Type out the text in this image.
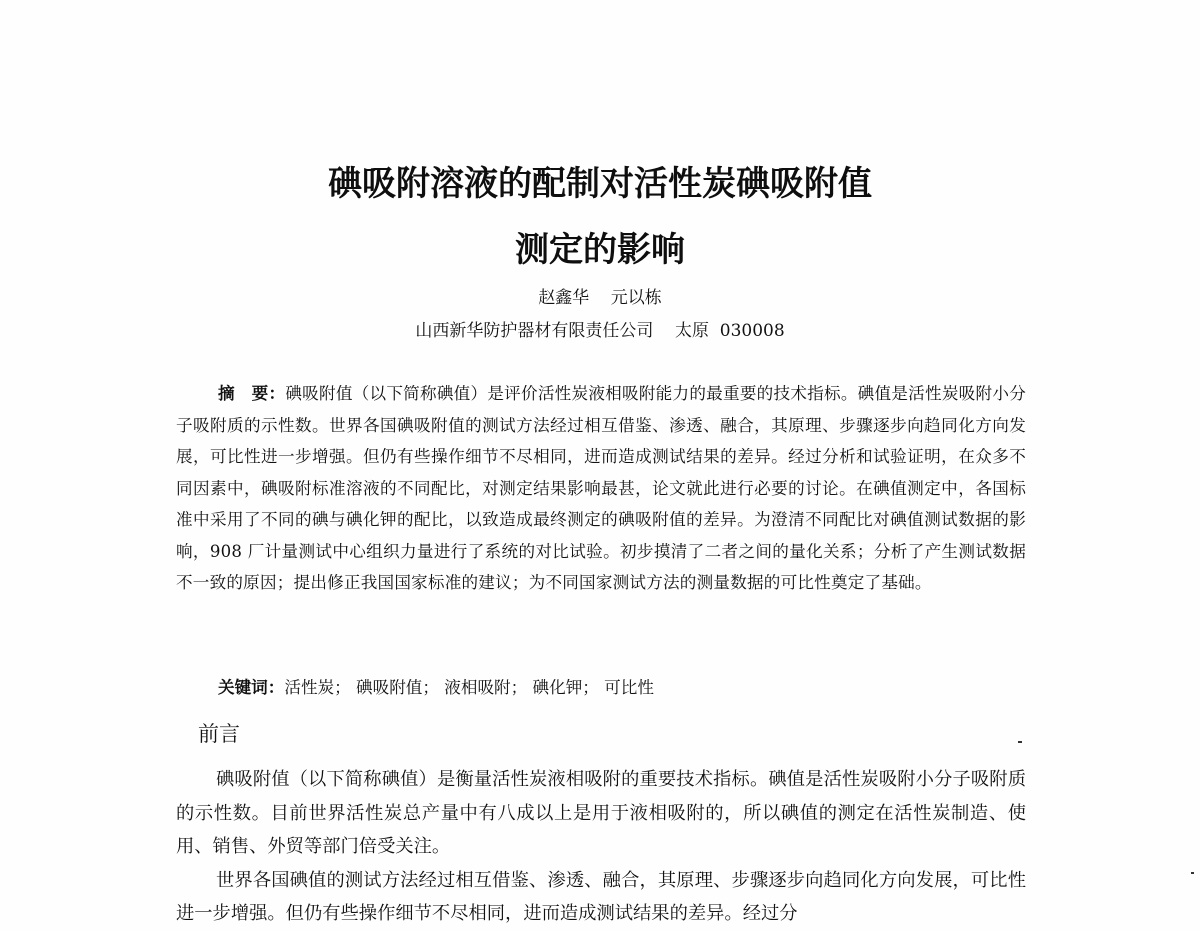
碘吸附溶液的配制对活性炭碘吸附值
测定的影响
赵鑫华    元以栋
山西新华防护器材有限责任公司    太原  030008
摘　要：碘吸附值（以下简称碘值）是评价活性炭液相吸附能力的最重要的技术指标。碘值是活性炭吸附小分子吸附质的示性数。世界各国碘吸附值的测试方法经过相互借鉴、渗透、融合，其原理、步骤逐步向趋同化方向发展，可比性进一步增强。但仍有些操作细节不尽相同，进而造成测试结果的差异。经过分析和试验证明，在众多不同因素中，碘吸附标准溶液的不同配比，对测定结果影响最甚，论文就此进行必要的讨论。在碘值测定中，各国标准中采用了不同的碘与碘化钾的配比，以致造成最终测定的碘吸附值的差异。为澄清不同配比对碘值测试数据的影响，908 厂计量测试中心组织力量进行了系统的对比试验。初步摸清了二者之间的量化关系；分析了产生测试数据不一致的原因；提出修正我国国家标准的建议；为不同国家测试方法的测量数据的可比性奠定了基础。
关键词：活性炭； 碘吸附值； 液相吸附； 碘化钾； 可比性
前言

碘吸附值（以下简称碘值）是衡量活性炭液相吸附的重要技术指标。碘值是活性炭吸附小分子吸附质的示性数。目前世界活性炭总产量中有八成以上是用于液相吸附的，所以碘值的测定在活性炭制造、使用、销售、外贸等部门倍受关注。

世界各国碘值的测试方法经过相互借鉴、渗透、融合，其原理、步骤逐步向趋同化方向发展，可比性进一步增强。但仍有些操作细节不尽相同，进而造成测试结果的差异。经过分
